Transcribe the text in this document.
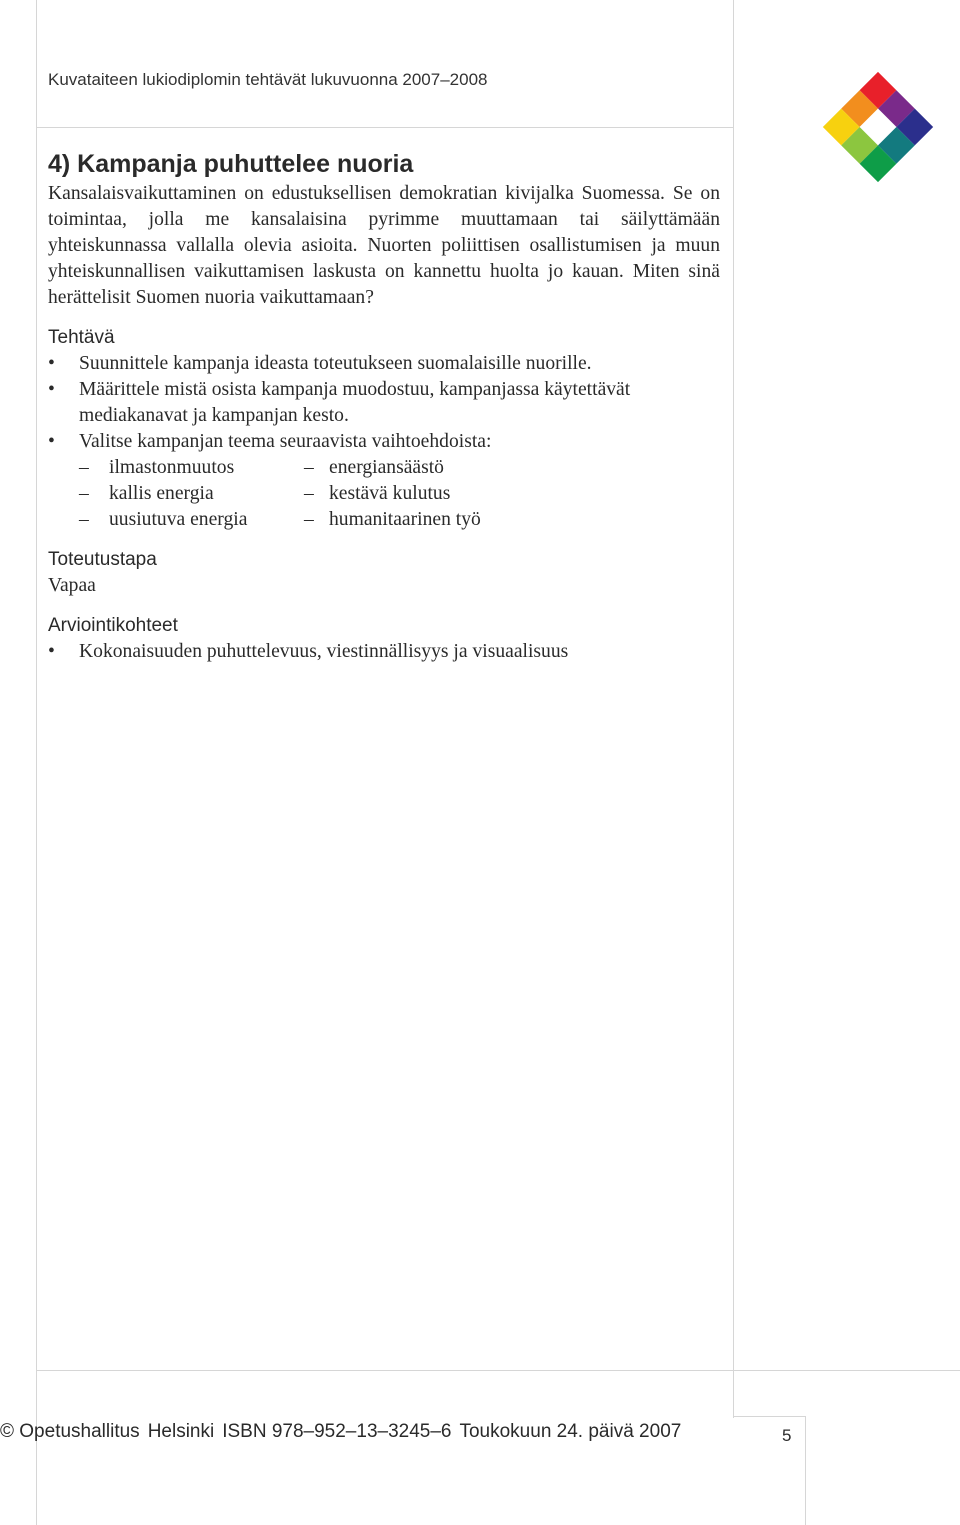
Kuvataiteen lukiodiplomin tehtävät lukuvuonna 2007–2008
4) Kampanja puhuttelee nuoria

Kansalaisvaikuttaminen on edustuksellisen demokratian kivijalka Suomessa. Se on toimintaa, jolla me kansalaisina pyrimme muuttamaan tai säilyttämään yhteiskunnassa vallalla olevia asioita. Nuorten poliittisen osallistumisen ja muun yhteiskunnallisen vaikuttamisen laskusta on kannettu huolta jo kauan. Miten sinä herättelisit Suomen nuoria vaikuttamaan?

Tehtävä
• Suunnittele kampanja ideasta toteutukseen suomalaisille nuorille.
• Määrittele mistä osista kampanja muodostuu, kampanjassa käytettävät mediakanavat ja kampanjan kesto.
• Valitse kampanjan teema seuraavista vaihtoehdoista:
–	ilmastonmuutos	– energiansäästö
–	kallis energia	– kestävä kulutus
–	uusiutuva energia	– humanitaarinen työ
Toteutustapa

Vapaa

Arviointikohteet
• Kokonaisuuden puhuttelevuus, viestinnällisyys ja visuaalisuus
© Opetushallitus Helsinki ISBN 978–952–13–3245–6 Toukokuun 24. päivä 2007	5
